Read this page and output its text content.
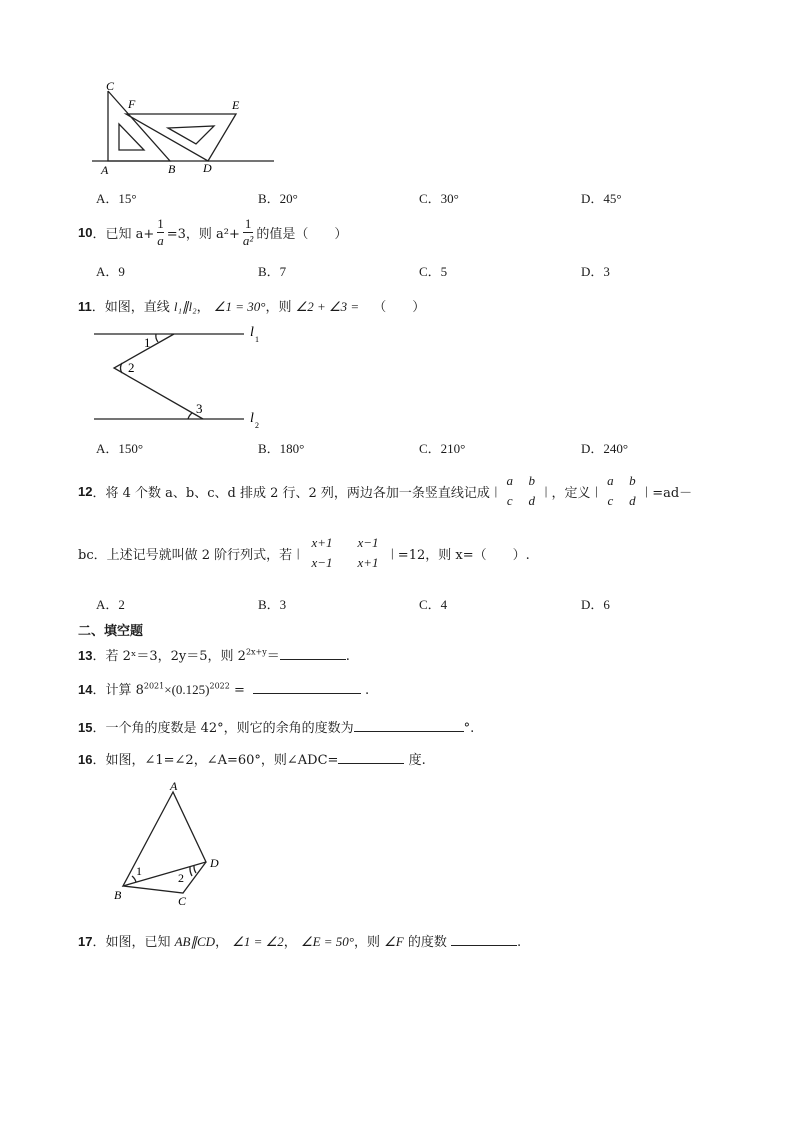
C
F	E
A	B D
A．15°	B．20°	C．30°	D．45°
10 ．已知 $a+ \frac{1}{a} =3$，则 $a^2+ \frac{1}{\text{a²}}$ 的值是（　　）
A．9	B．7	C．5	D．3
11．如图，直线 l₁∥l₂， ∠1 = 30°，则 ∠2 + ∠3 = （　　）
l 1
l 2
1
2
3
A．150°	B．180°	C．210°	D．240°
12 ．将 4 个数 a、b、c、d 排成 2 行、2 列，两边各加一条竖直线记成 |
a	b
c	d
| ，定义 |
a	b
c	d
| =ad－
bc．上述记号就叫做 2 阶行列式，若 |
x+1	x−1
x−1	x+1
| =12，则 x=（　　）.
A．2	B．3	C．4	D．6
二、填空题
13．若 2ˣ＝3，2y＝5，则 $2^{2x+y}=$	.
14．计算 $8^{2021}\times(0.125)^{2022}$ =	.
15．一个角的度数是 42°，则它的余角的度数为	°.
16．如图，∠1=∠2，∠A=60°，则∠ADC=	度.
A
B	C
D
1	2
17．如图，已知 AB∥CD， ∠1 = ∠2， ∠E = 50°，则 ∠F 的度数	.
